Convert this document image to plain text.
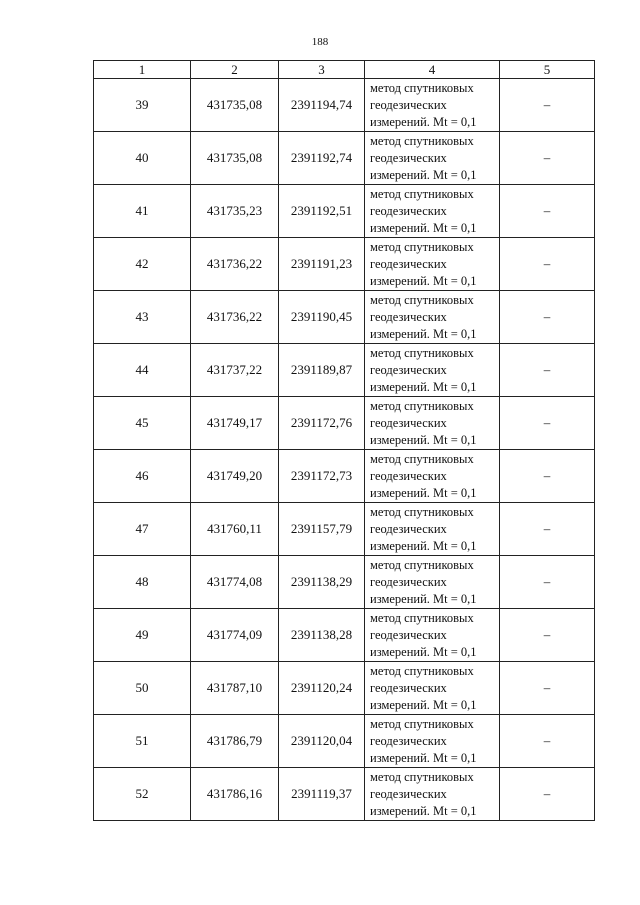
188
1	2	3	4	5
39	431735,08	2391194,74	метод спутниковых
геодезических
измерений. Mt = 0,1	–
40	431735,08	2391192,74	метод спутниковых
геодезических
измерений. Mt = 0,1	–
41	431735,23	2391192,51	метод спутниковых
геодезических
измерений. Mt = 0,1	–
42	431736,22	2391191,23	метод спутниковых
геодезических
измерений. Mt = 0,1	–
43	431736,22	2391190,45	метод спутниковых
геодезических
измерений. Mt = 0,1	–
44	431737,22	2391189,87	метод спутниковых
геодезических
измерений. Mt = 0,1	–
45	431749,17	2391172,76	метод спутниковых
геодезических
измерений. Mt = 0,1	–
46	431749,20	2391172,73	метод спутниковых
геодезических
измерений. Mt = 0,1	–
47	431760,11	2391157,79	метод спутниковых
геодезических
измерений. Mt = 0,1	–
48	431774,08	2391138,29	метод спутниковых
геодезических
измерений. Mt = 0,1	–
49	431774,09	2391138,28	метод спутниковых
геодезических
измерений. Mt = 0,1	–
50	431787,10	2391120,24	метод спутниковых
геодезических
измерений. Mt = 0,1	–
51	431786,79	2391120,04	метод спутниковых
геодезических
измерений. Mt = 0,1	–
52	431786,16	2391119,37	метод спутниковых
геодезических
измерений. Mt = 0,1	–
